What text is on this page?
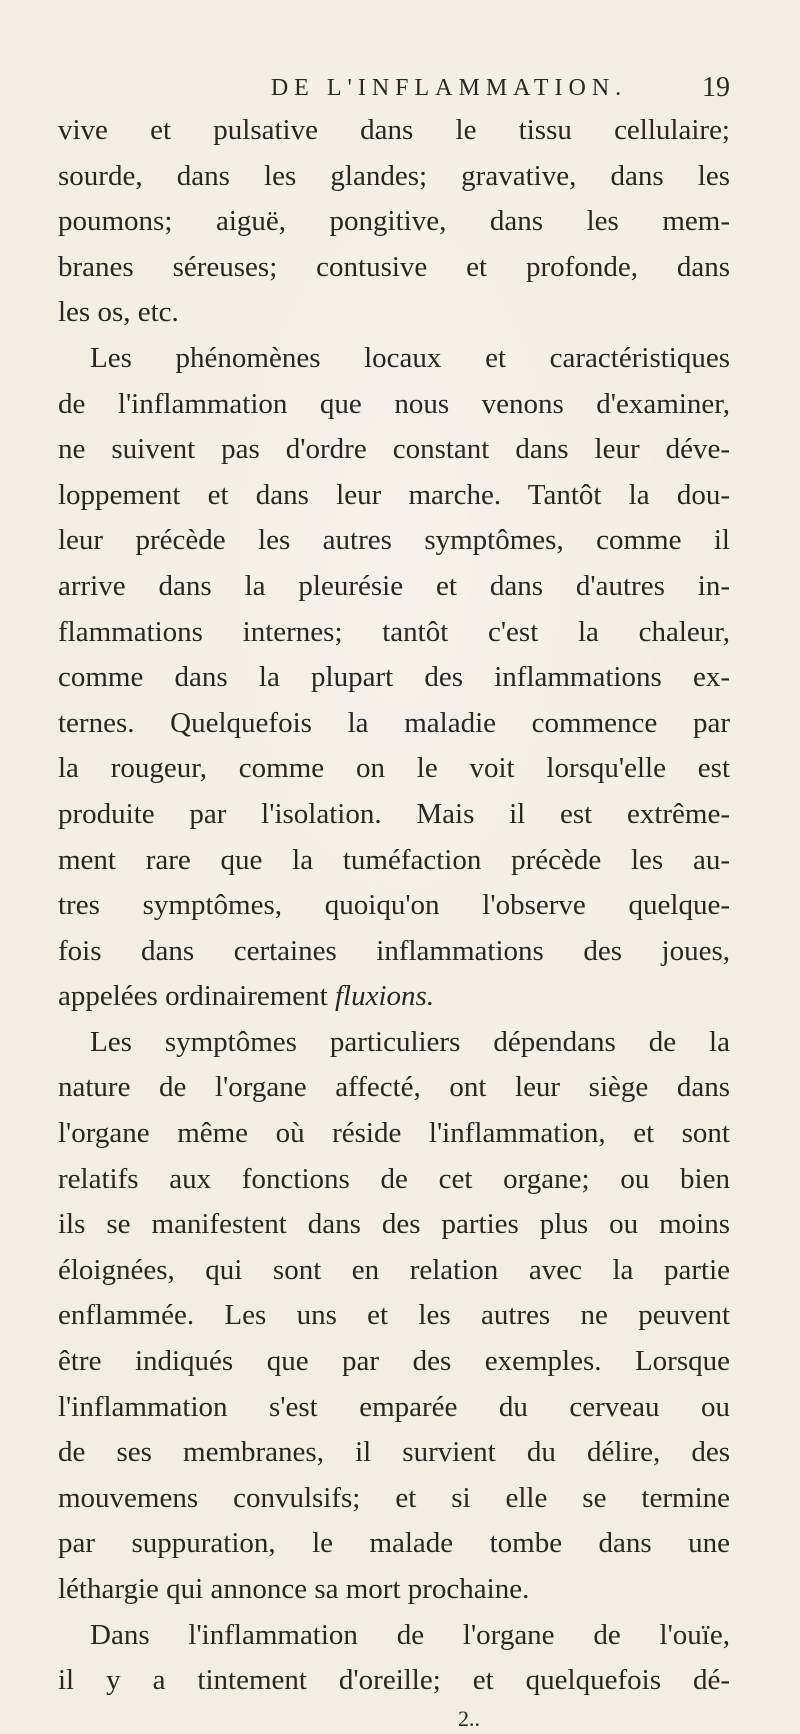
DE L'INFLAMMATION.	19
vive et pulsative dans le tissu cellulaire;
sourde, dans les glandes; gravative, dans les
poumons; aiguë, pongitive, dans les mem-
branes séreuses; contusive et profonde, dans
les os, etc.
Les phénomènes locaux et caractéristiques
de l'inflammation que nous venons d'examiner,
ne suivent pas d'ordre constant dans leur déve-
loppement et dans leur marche. Tantôt la dou-
leur précède les autres symptômes, comme il
arrive dans la pleurésie et dans d'autres in-
flammations internes; tantôt c'est la chaleur,
comme dans la plupart des inflammations ex-
ternes. Quelquefois la maladie commence par
la rougeur, comme on le voit lorsqu'elle est
produite par l'isolation. Mais il est extrême-
ment rare que la tuméfaction précède les au-
tres symptômes, quoiqu'on l'observe quelque-
fois dans certaines inflammations des joues,
appelées ordinairement fluxions.
Les symptômes particuliers dépendans de la
nature de l'organe affecté, ont leur siège dans
l'organe même où réside l'inflammation, et sont
relatifs aux fonctions de cet organe; ou bien
ils se manifestent dans des parties plus ou moins
éloignées, qui sont en relation avec la partie
enflammée. Les uns et les autres ne peuvent
être indiqués que par des exemples. Lorsque
l'inflammation s'est emparée du cerveau ou
de ses membranes, il survient du délire, des
mouvemens convulsifs; et si elle se termine
par suppuration, le malade tombe dans une
léthargie qui annonce sa mort prochaine.
Dans l'inflammation de l'organe de l'ouïe,
il y a tintement d'oreille; et quelquefois dé-
2..
